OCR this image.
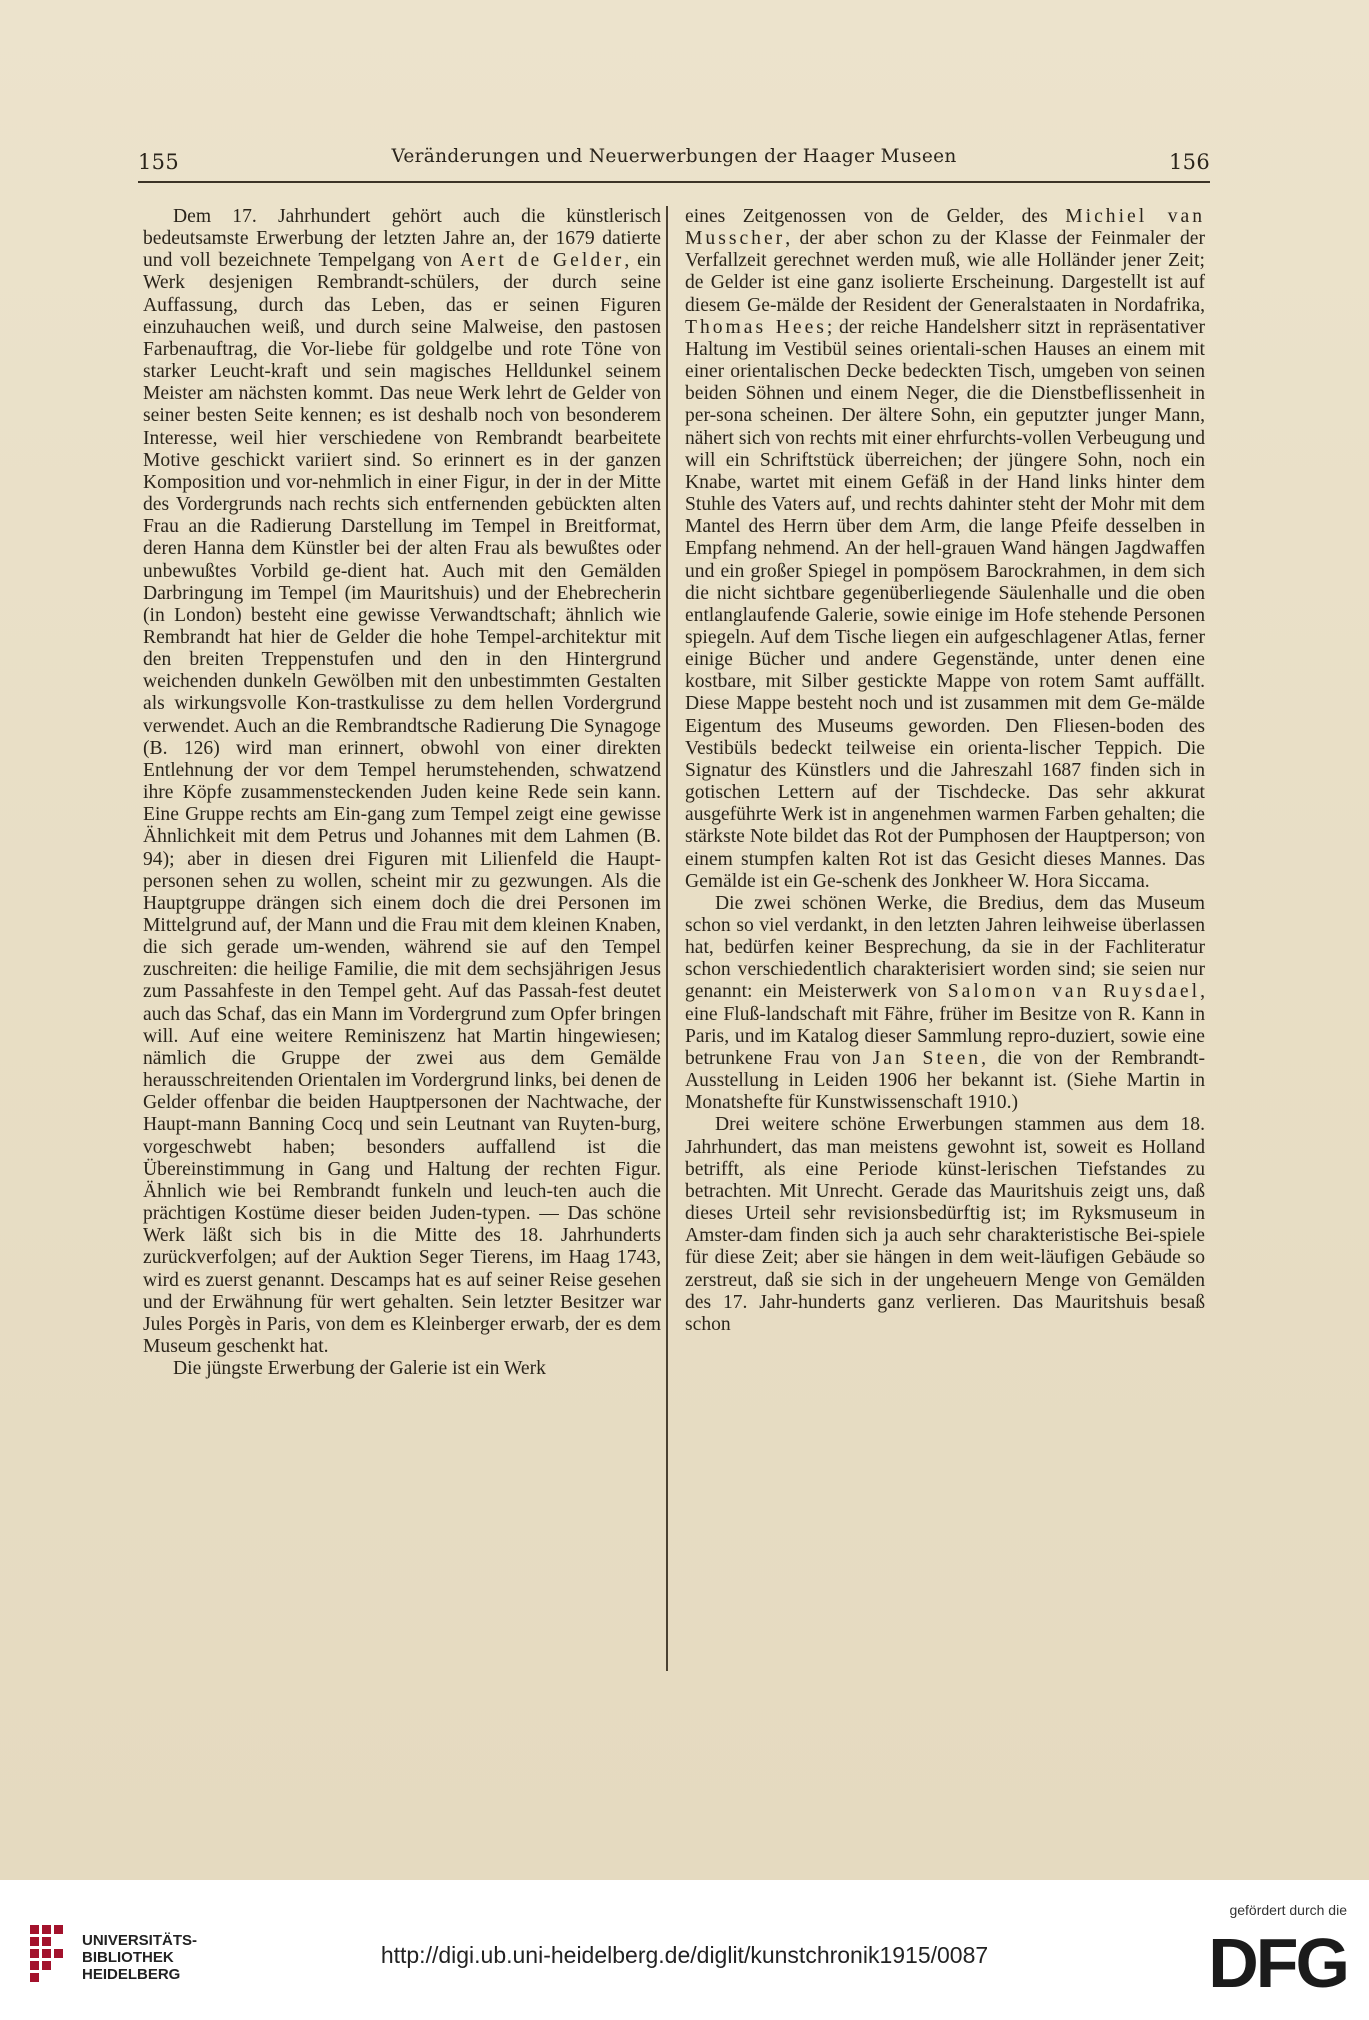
155	Veränderungen und Neuerwerbungen der Haager Museen	156

Dem 17. Jahrhundert gehört auch die künstlerisch bedeutsamste Erwerbung der letzten Jahre an, der 1679 datierte und voll bezeichnete Tempelgang von Aert de Gelder, ein Werk desjenigen Rembrandt-schülers, der durch seine Auffassung, durch das Leben, das er seinen Figuren einzuhauchen weiß, und durch seine Malweise, den pastosen Farbenauftrag, die Vor-liebe für goldgelbe und rote Töne von starker Leucht-kraft und sein magisches Helldunkel seinem Meister am nächsten kommt. Das neue Werk lehrt de Gelder von seiner besten Seite kennen; es ist deshalb noch von besonderem Interesse, weil hier verschiedene von Rembrandt bearbeitete Motive geschickt variiert sind. So erinnert es in der ganzen Komposition und vor-nehmlich in einer Figur, in der in der Mitte des Vordergrunds nach rechts sich entfernenden gebückten alten Frau an die Radierung Darstellung im Tempel in Breitformat, deren Hanna dem Künstler bei der alten Frau als bewußtes oder unbewußtes Vorbild ge-dient hat. Auch mit den Gemälden Darbringung im Tempel (im Mauritshuis) und der Ehebrecherin (in London) besteht eine gewisse Verwandtschaft; ähnlich wie Rembrandt hat hier de Gelder die hohe Tempel-architektur mit den breiten Treppenstufen und den in den Hintergrund weichenden dunkeln Gewölben mit den unbestimmten Gestalten als wirkungsvolle Kon-trastkulisse zu dem hellen Vordergrund verwendet. Auch an die Rembrandtsche Radierung Die Synagoge (B. 126) wird man erinnert, obwohl von einer direkten Entlehnung der vor dem Tempel herumstehenden, schwatzend ihre Köpfe zusammensteckenden Juden keine Rede sein kann. Eine Gruppe rechts am Ein-gang zum Tempel zeigt eine gewisse Ähnlichkeit mit dem Petrus und Johannes mit dem Lahmen (B. 94); aber in diesen drei Figuren mit Lilienfeld die Haupt-personen sehen zu wollen, scheint mir zu gezwungen. Als die Hauptgruppe drängen sich einem doch die drei Personen im Mittelgrund auf, der Mann und die Frau mit dem kleinen Knaben, die sich gerade um-wenden, während sie auf den Tempel zuschreiten: die heilige Familie, die mit dem sechsjährigen Jesus zum Passahfeste in den Tempel geht. Auf das Passah-fest deutet auch das Schaf, das ein Mann im Vordergrund zum Opfer bringen will. Auf eine weitere Reminiszenz hat Martin hingewiesen; nämlich die Gruppe der zwei aus dem Gemälde herausschreitenden Orientalen im Vordergrund links, bei denen de Gelder offenbar die beiden Hauptpersonen der Nachtwache, der Haupt-mann Banning Cocq und sein Leutnant van Ruyten-burg, vorgeschwebt haben; besonders auffallend ist die Übereinstimmung in Gang und Haltung der rechten Figur. Ähnlich wie bei Rembrandt funkeln und leuch-ten auch die prächtigen Kostüme dieser beiden Juden-typen. — Das schöne Werk läßt sich bis in die Mitte des 18. Jahrhunderts zurückverfolgen; auf der Auktion Seger Tierens, im Haag 1743, wird es zuerst genannt. Descamps hat es auf seiner Reise gesehen und der Erwähnung für wert gehalten. Sein letzter Besitzer war Jules Porgès in Paris, von dem es Kleinberger erwarb, der es dem Museum geschenkt hat.

Die jüngste Erwerbung der Galerie ist ein Werk

eines Zeitgenossen von de Gelder, des Michiel van Musscher, der aber schon zu der Klasse der Feinmaler der Verfallzeit gerechnet werden muß, wie alle Holländer jener Zeit; de Gelder ist eine ganz isolierte Erscheinung. Dargestellt ist auf diesem Ge-mälde der Resident der Generalstaaten in Nordafrika, Thomas Hees; der reiche Handelsherr sitzt in repräsentativer Haltung im Vestibül seines orientali-schen Hauses an einem mit einer orientalischen Decke bedeckten Tisch, umgeben von seinen beiden Söhnen und einem Neger, die die Dienstbeflissenheit in per-sona scheinen. Der ältere Sohn, ein geputzter junger Mann, nähert sich von rechts mit einer ehrfurchts-vollen Verbeugung und will ein Schriftstück überreichen; der jüngere Sohn, noch ein Knabe, wartet mit einem Gefäß in der Hand links hinter dem Stuhle des Vaters auf, und rechts dahinter steht der Mohr mit dem Mantel des Herrn über dem Arm, die lange Pfeife desselben in Empfang nehmend. An der hell-grauen Wand hängen Jagdwaffen und ein großer Spiegel in pompösem Barockrahmen, in dem sich die nicht sichtbare gegenüberliegende Säulenhalle und die oben entlanglaufende Galerie, sowie einige im Hofe stehende Personen spiegeln. Auf dem Tische liegen ein aufgeschlagener Atlas, ferner einige Bücher und andere Gegenstände, unter denen eine kostbare, mit Silber gestickte Mappe von rotem Samt auffällt. Diese Mappe besteht noch und ist zusammen mit dem Ge-mälde Eigentum des Museums geworden. Den Fliesen-boden des Vestibüls bedeckt teilweise ein orienta-lischer Teppich. Die Signatur des Künstlers und die Jahreszahl 1687 finden sich in gotischen Lettern auf der Tischdecke. Das sehr akkurat ausgeführte Werk ist in angenehmen warmen Farben gehalten; die stärkste Note bildet das Rot der Pumphosen der Hauptperson; von einem stumpfen kalten Rot ist das Gesicht dieses Mannes. Das Gemälde ist ein Ge-schenk des Jonkheer W. Hora Siccama.

Die zwei schönen Werke, die Bredius, dem das Museum schon so viel verdankt, in den letzten Jahren leihweise überlassen hat, bedürfen keiner Besprechung, da sie in der Fachliteratur schon verschiedentlich charakterisiert worden sind; sie seien nur genannt: ein Meisterwerk von Salomon van Ruysdael, eine Fluß-landschaft mit Fähre, früher im Besitze von R. Kann in Paris, und im Katalog dieser Sammlung repro-duziert, sowie eine betrunkene Frau von Jan Steen, die von der Rembrandt-Ausstellung in Leiden 1906 her bekannt ist. (Siehe Martin in Monatshefte für Kunstwissenschaft 1910.)

Drei weitere schöne Erwerbungen stammen aus dem 18. Jahrhundert, das man meistens gewohnt ist, soweit es Holland betrifft, als eine Periode künst-lerischen Tiefstandes zu betrachten. Mit Unrecht. Gerade das Mauritshuis zeigt uns, daß dieses Urteil sehr revisionsbedürftig ist; im Ryksmuseum in Amster-dam finden sich ja auch sehr charakteristische Bei-spiele für diese Zeit; aber sie hängen in dem weit-läufigen Gebäude so zerstreut, daß sie sich in der ungeheuern Menge von Gemälden des 17. Jahr-hunderts ganz verlieren. Das Mauritshuis besaß schon

UNIVERSITÄTS-
BIBLIOTHEK
HEIDELBERG
http://digi.ub.uni-heidelberg.de/diglit/kunstchronik1915/0087
gefördert durch die
DFG
